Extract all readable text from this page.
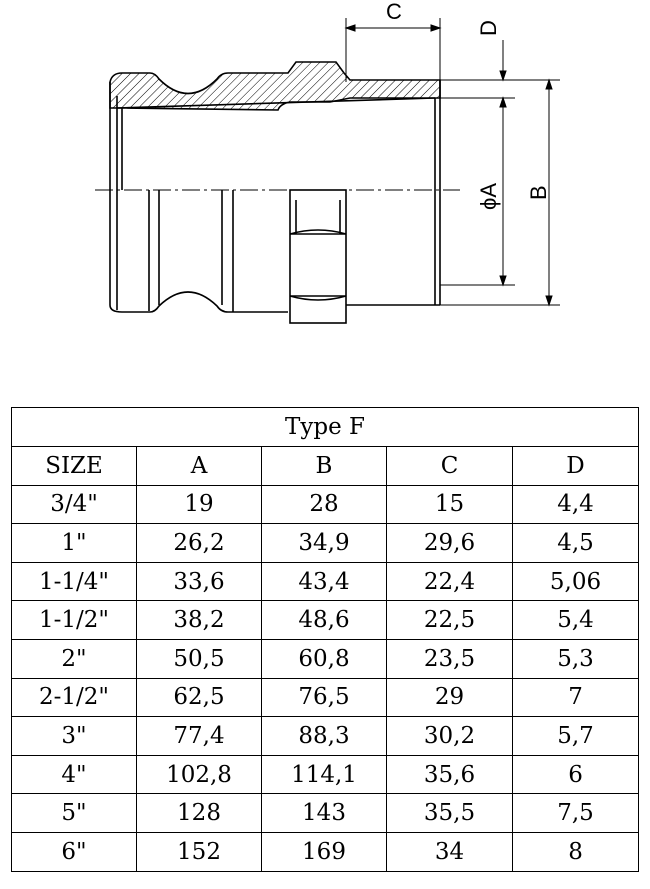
C
D
ϕA B
Type F				
SIZE	A	B	C	D
3/4"	19	28	15	4,4
1"	26,2	34,9	29,6	4,5
1-1/4"	33,6	43,4	22,4	5,06
1-1/2"	38,2	48,6	22,5	5,4
2"	50,5	60,8	23,5	5,3
2-1/2"	62,5	76,5	29	7
3"	77,4	88,3	30,2	5,7
4"	102,8	114,1	35,6	6
5"	128	143	35,5	7,5
6"	152	169	34	8
